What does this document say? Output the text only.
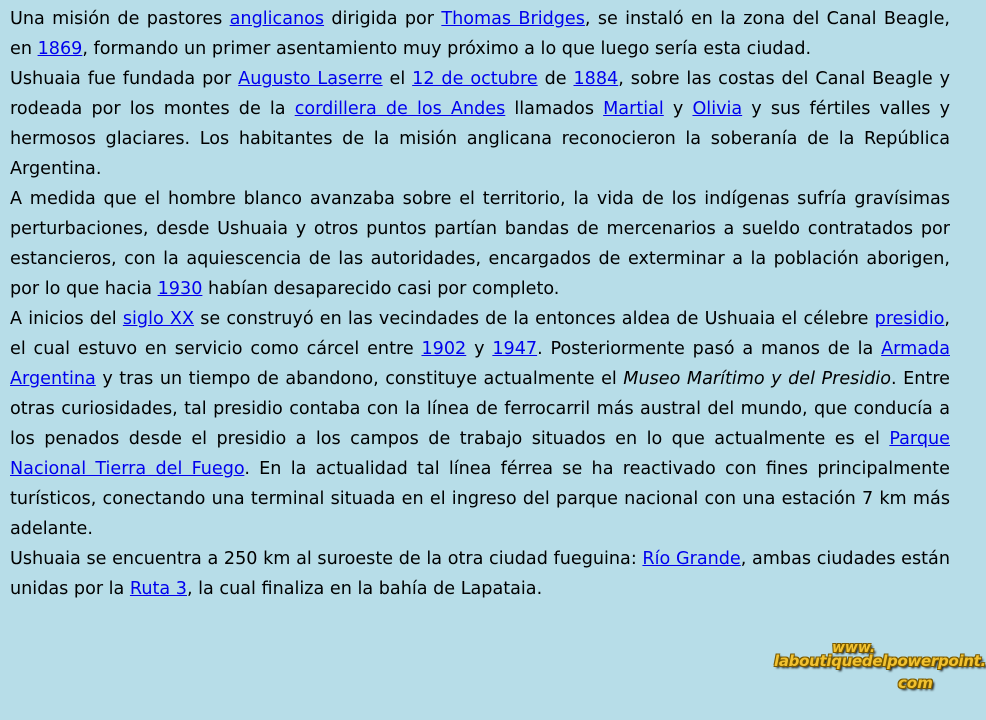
Una misión de pastores anglicanos dirigida por Thomas Bridges, se instaló en la zona del Canal Beagle, en 1869, formando un primer asentamiento muy próximo a lo que luego sería esta ciudad.

Ushuaia fue fundada por Augusto Laserre el 12 de octubre de 1884, sobre las costas del Canal Beagle y rodeada por los montes de la cordillera de los Andes llamados Martial y Olivia y sus fértiles valles y hermosos glaciares. Los habitantes de la misión anglicana reconocieron la soberanía de la República Argentina.

A medida que el hombre blanco avanzaba sobre el territorio, la vida de los indígenas sufría gravísimas perturbaciones, desde Ushuaia y otros puntos partían bandas de mercenarios a sueldo contratados por estancieros, con la aquiescencia de las autoridades, encargados de exterminar a la población aborigen, por lo que hacia 1930 habían desaparecido casi por completo.

A inicios del siglo XX se construyó en las vecindades de la entonces aldea de Ushuaia el célebre presidio, el cual estuvo en servicio como cárcel entre 1902 y 1947. Posteriormente pasó a manos de la Armada Argentina y tras un tiempo de abandono, constituye actualmente el Museo Marítimo y del Presidio. Entre otras curiosidades, tal presidio contaba con la línea de ferrocarril más austral del mundo, que conducía a los penados desde el presidio a los campos de trabajo situados en lo que actualmente es el Parque Nacional Tierra del Fuego. En la actualidad tal línea férrea se ha reactivado con fines principalmente turísticos, conectando una terminal situada en el ingreso del parque nacional con una estación 7 km más adelante.

Ushuaia se encuentra a 250 km al suroeste de la otra ciudad fueguina: Río Grande, ambas ciudades están unidas por la Ruta 3, la cual finaliza en la bahía de Lapataia.

www.
laboutiquedelpowerpoint.
com
